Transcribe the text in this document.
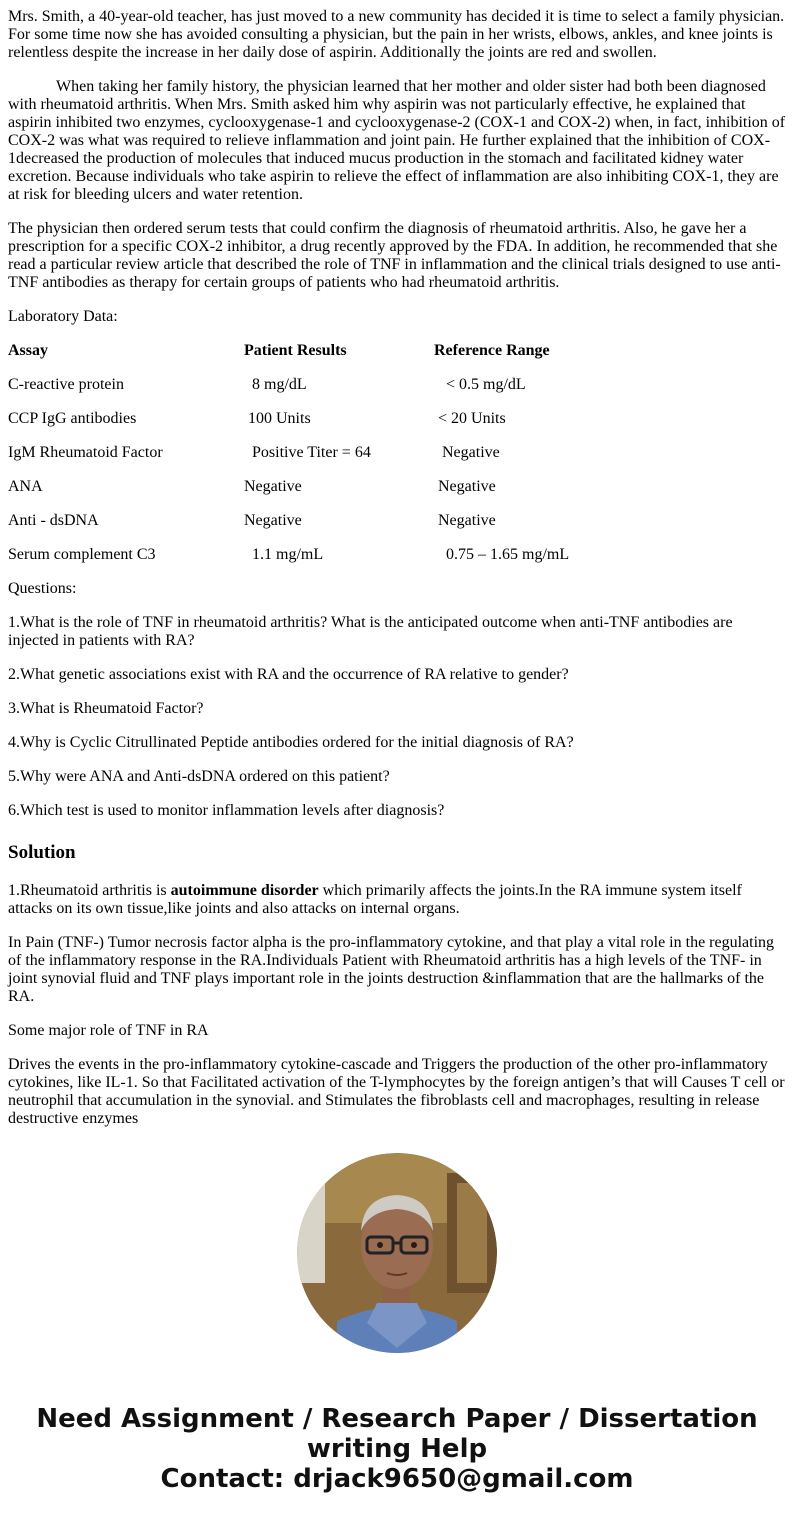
Mrs. Smith, a 40-year-old teacher, has just moved to a new community has decided it is time to select a family physician. For some time now she has avoided consulting a physician, but the pain in her wrists, elbows, ankles, and knee joints is relentless despite the increase in her daily dose of aspirin. Additionally the joints are red and swollen.

When taking her family history, the physician learned that her mother and older sister had both been diagnosed with rheumatoid arthritis. When Mrs. Smith asked him why aspirin was not particularly effective, he explained that aspirin inhibited two enzymes, cyclooxygenase-1 and cyclooxygenase-2 (COX-1 and COX-2) when, in fact, inhibition of COX-2 was what was required to relieve inflammation and joint pain. He further explained that the inhibition of COX-1decreased the production of molecules that induced mucus production in the stomach and facilitated kidney water excretion. Because individuals who take aspirin to relieve the effect of inflammation are also inhibiting COX-1, they are at risk for bleeding ulcers and water retention.

The physician then ordered serum tests that could confirm the diagnosis of rheumatoid arthritis. Also, he gave her a prescription for a specific COX-2 inhibitor, a drug recently approved by the FDA. In addition, he recommended that she read a particular review article that described the role of TNF in inflammation and the clinical trials designed to use anti-TNF antibodies as therapy for certain groups of patients who had rheumatoid arthritis.

Laboratory Data:

Assay	Patient Results	Reference Range
C-reactive protein	8 mg/dL	< 0.5 mg/dL
CCP IgG antibodies	100 Units	< 20 Units
IgM Rheumatoid Factor	Positive Titer = 64	Negative
ANA	Negative	Negative
Anti - dsDNA	Negative	Negative
Serum complement C3	1.1 mg/mL	0.75 – 1.65 mg/mL

Questions:

1.What is the role of TNF in rheumatoid arthritis? What is the anticipated outcome when anti-TNF antibodies are injected in patients with RA?

2.What genetic associations exist with RA and the occurrence of RA relative to gender?

3.What is Rheumatoid Factor?

4.Why is Cyclic Citrullinated Peptide antibodies ordered for the initial diagnosis of RA?

5.Why were ANA and Anti-dsDNA ordered on this patient?

6.Which test is used to monitor inflammation levels after diagnosis?

Solution

1.Rheumatoid arthritis is autoimmune disorder which primarily affects the joints.In the RA immune system itself attacks on its own tissue,like joints and also attacks on internal organs.

In Pain (TNF-) Tumor necrosis factor alpha is the pro-inflammatory cytokine, and that play a vital role in the regulating of the inflammatory response in the RA.Individuals Patient with Rheumatoid arthritis has a high levels of the TNF- in joint synovial fluid and TNF plays important role in the joints destruction &inflammation that are the hallmarks of the RA.

Some major role of TNF in RA

Drives the events in the pro-inflammatory cytokine-cascade and Triggers the production of the other pro-inflammatory cytokines, like IL-1. So that Facilitated activation of the T-lymphocytes by the foreign antigen’s that will Causes T cell or neutrophil that accumulation in the synovial. and Stimulates the fibroblasts cell and macrophages, resulting in release destructive enzymes

Need Assignment / Research Paper / Dissertation
writing Help
Contact: drjack9650@gmail.com
